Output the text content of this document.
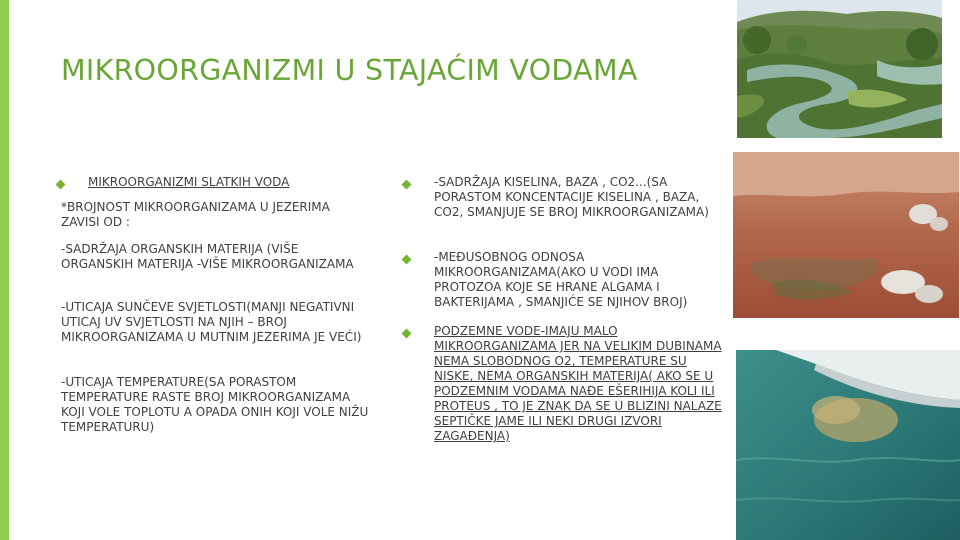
MIKROORGANIZMI U STAJAĆIM VODAMA
MIKROORGANIZMI SLATKIH VODA
*BROJNOST MIKROORGANIZAMA U JEZERIMA ZAVISI OD :
-SADRŽAJA ORGANSKIH MATERIJA (VIŠE ORGANSKIH MATERIJA -VIŠE MIKROORGANIZAMA
-UTICAJA SUNČEVE SVJETLOSTI(MANJI NEGATIVNI UTICAJ UV SVJETLOSTI NA NJIH – BROJ MIKROORGANIZAMA U MUTNIM JEZERIMA JE VEĆI)
-UTICAJA TEMPERATURE(SA PORASTOM TEMPERATURE RASTE BROJ MIKROORGANIZAMA KOJI VOLE TOPLOTU A OPADA ONIH KOJI VOLE NIŽU TEMPERATURU)
-SADRŽAJA KISELINA, BAZA , CO2...(SA PORASTOM KONCENTACIJE KISELINA , BAZA, CO2, SMANJUJE SE BROJ MIKROORGANIZAMA)
-MEĐUSOBNOG ODNOSA MIKROORGANIZAMA(AKO U VODI IMA PROTOZOA KOJE SE HRANE ALGAMA I BAKTERIJAMA , SMANJIĆE SE NJIHOV BROJ)
PODZEMNE VODE-IMAJU MALO MIKROORGANIZAMA JER NA VELIKIM DUBINAMA NEMA SLOBODNOG O2, TEMPERATURE SU NISKE, NEMA ORGANSKIH MATERIJA( AKO SE U PODZEMNIM VODAMA NAĐE EŠERIHIJA KOLI ILI PROTEUS , TO JE ZNAK DA SE U BLIZINI NALAZE SEPTIČKE JAME ILI NEKI DRUGI IZVORI ZAGAĐENJA)
